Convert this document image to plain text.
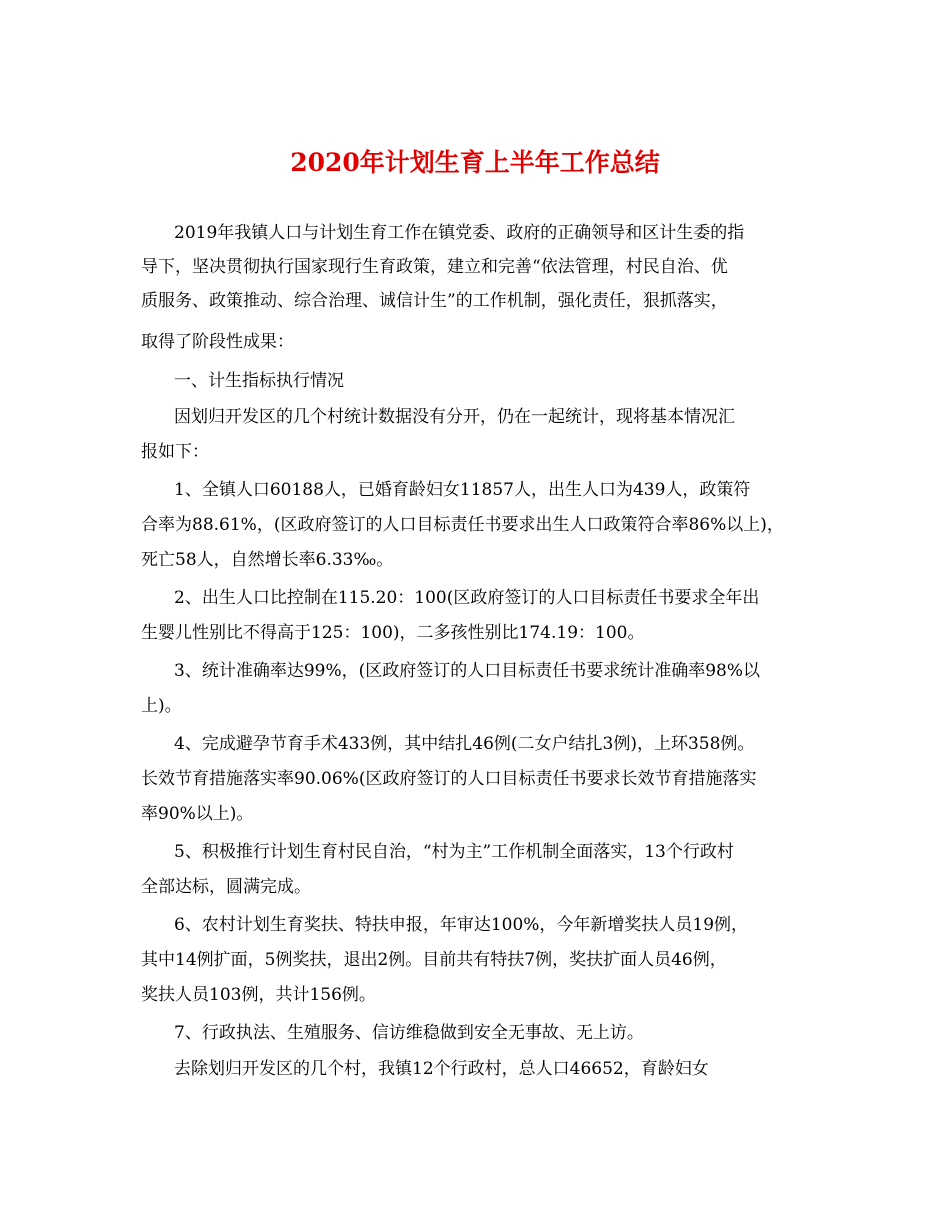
2020年计划生育上半年工作总结
2019年我镇人口与计划生育工作在镇党委、政府的正确领导和区计生委的指
导下，坚决贯彻执行国家现行生育政策，建立和完善“依法管理，村民自治、优
质服务、政策推动、综合治理、诚信计生”的工作机制，强化责任，狠抓落实，
取得了阶段性成果：
一、计生指标执行情况
因划归开发区的几个村统计数据没有分开，仍在一起统计，现将基本情况汇
报如下：
1、全镇人口60188人，已婚育龄妇女11857人，出生人口为439人，政策符
合率为88.61%，(区政府签订的人口目标责任书要求出生人口政策符合率86%以上)，
死亡58人，自然增长率6.33‰。
2、出生人口比控制在115.20：100(区政府签订的人口目标责任书要求全年出
生婴儿性别比不得高于125：100)，二多孩性别比174.19：100。
3、统计准确率达99%，(区政府签订的人口目标责任书要求统计准确率98%以
上)。
4、完成避孕节育手术433例，其中结扎46例(二女户结扎3例)，上环358例。
长效节育措施落实率90.06%(区政府签订的人口目标责任书要求长效节育措施落实
率90%以上)。
5、积极推行计划生育村民自治，“村为主”工作机制全面落实，13个行政村
全部达标，圆满完成。
6、农村计划生育奖扶、特扶申报，年审达100%，今年新增奖扶人员19例，
其中14例扩面，5例奖扶，退出2例。目前共有特扶7例，奖扶扩面人员46例，
奖扶人员103例，共计156例。
7、行政执法、生殖服务、信访维稳做到安全无事故、无上访。
去除划归开发区的几个村，我镇12个行政村，总人口46652，育龄妇女
